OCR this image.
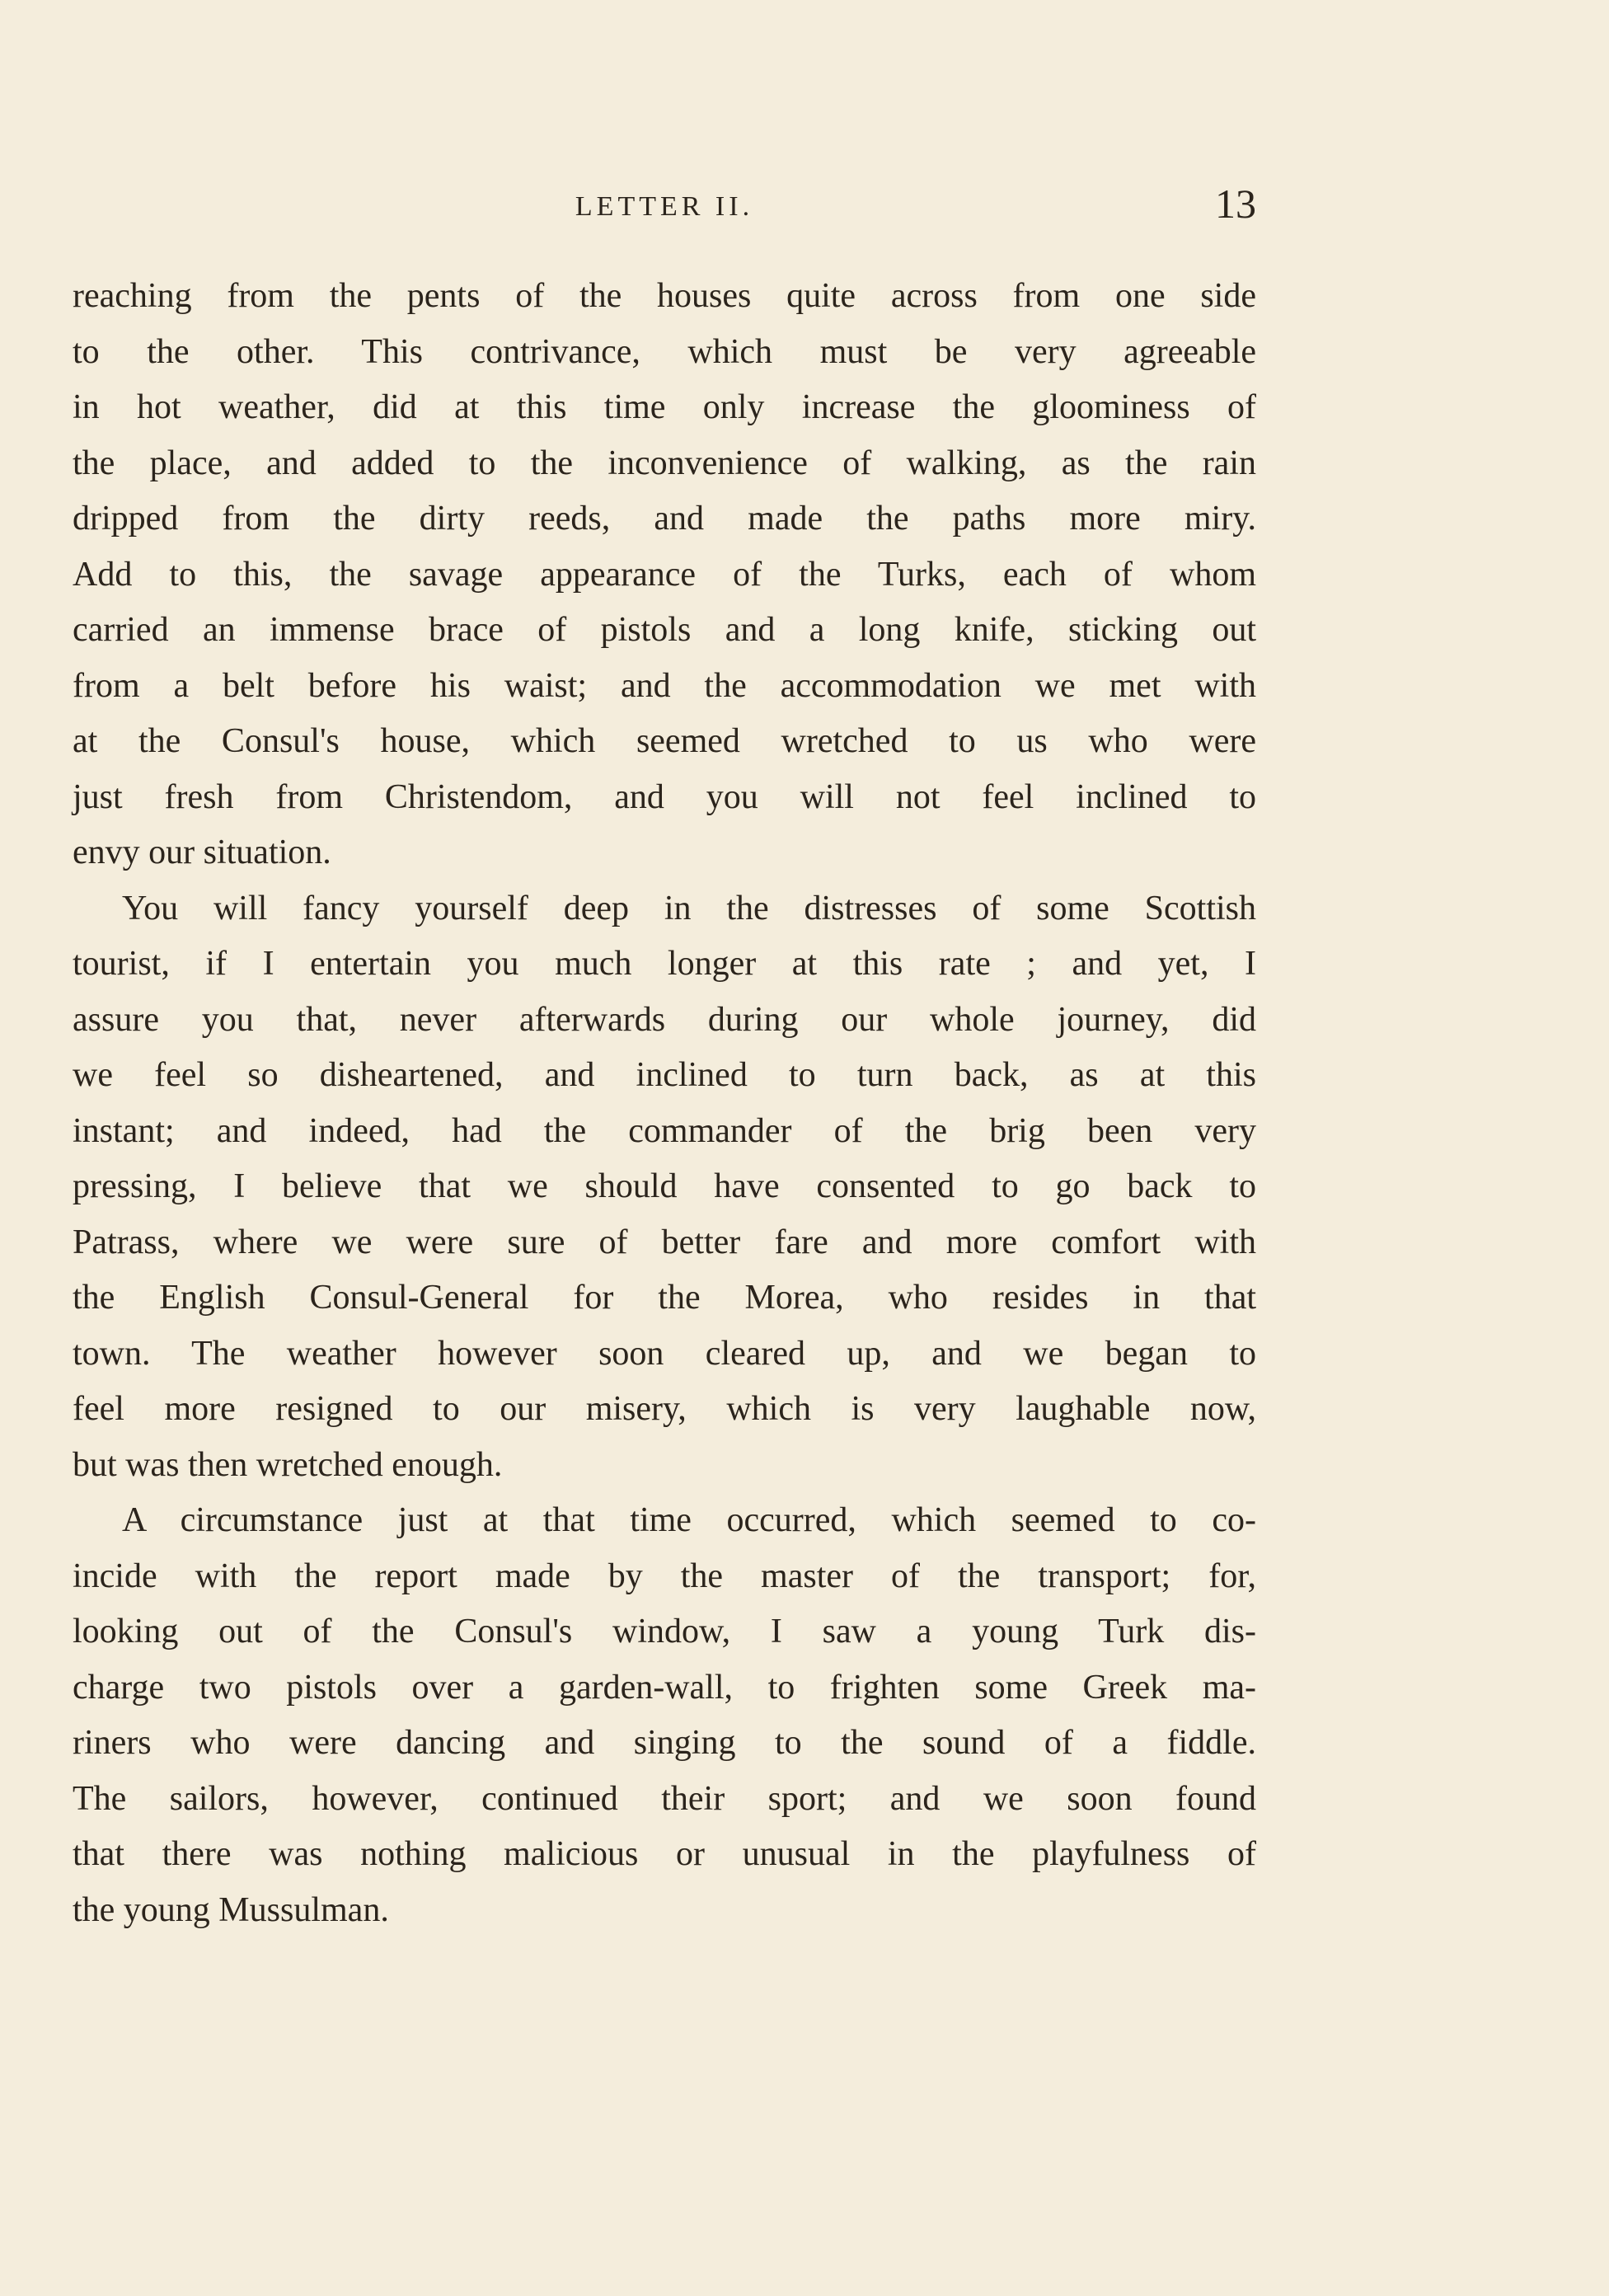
LETTER II.	13
reaching from the pents of the houses quite across from one side
to the other. This contrivance, which must be very agreeable
in hot weather, did at this time only increase the gloominess of
the place, and added to the inconvenience of walking, as the rain
dripped from the dirty reeds, and made the paths more miry.
Add to this, the savage appearance of the Turks, each of whom
carried an immense brace of pistols and a long knife, sticking out
from a belt before his waist; and the accommodation we met with
at the Consul's house, which seemed wretched to us who were
just fresh from Christendom, and you will not feel inclined to
envy our situation.
You will fancy yourself deep in the distresses of some Scottish
tourist, if I entertain you much longer at this rate ; and yet, I
assure you that, never afterwards during our whole journey, did
we feel so disheartened, and inclined to turn back, as at this
instant; and indeed, had the commander of the brig been very
pressing, I believe that we should have consented to go back to
Patrass, where we were sure of better fare and more comfort with
the English Consul-General for the Morea, who resides in that
town. The weather however soon cleared up, and we began to
feel more resigned to our misery, which is very laughable now,
but was then wretched enough.
A circumstance just at that time occurred, which seemed to co-
incide with the report made by the master of the transport; for,
looking out of the Consul's window, I saw a young Turk dis-
charge two pistols over a garden-wall, to frighten some Greek ma-
riners who were dancing and singing to the sound of a fiddle.
The sailors, however, continued their sport; and we soon found
that there was nothing malicious or unusual in the playfulness of
the young Mussulman.
